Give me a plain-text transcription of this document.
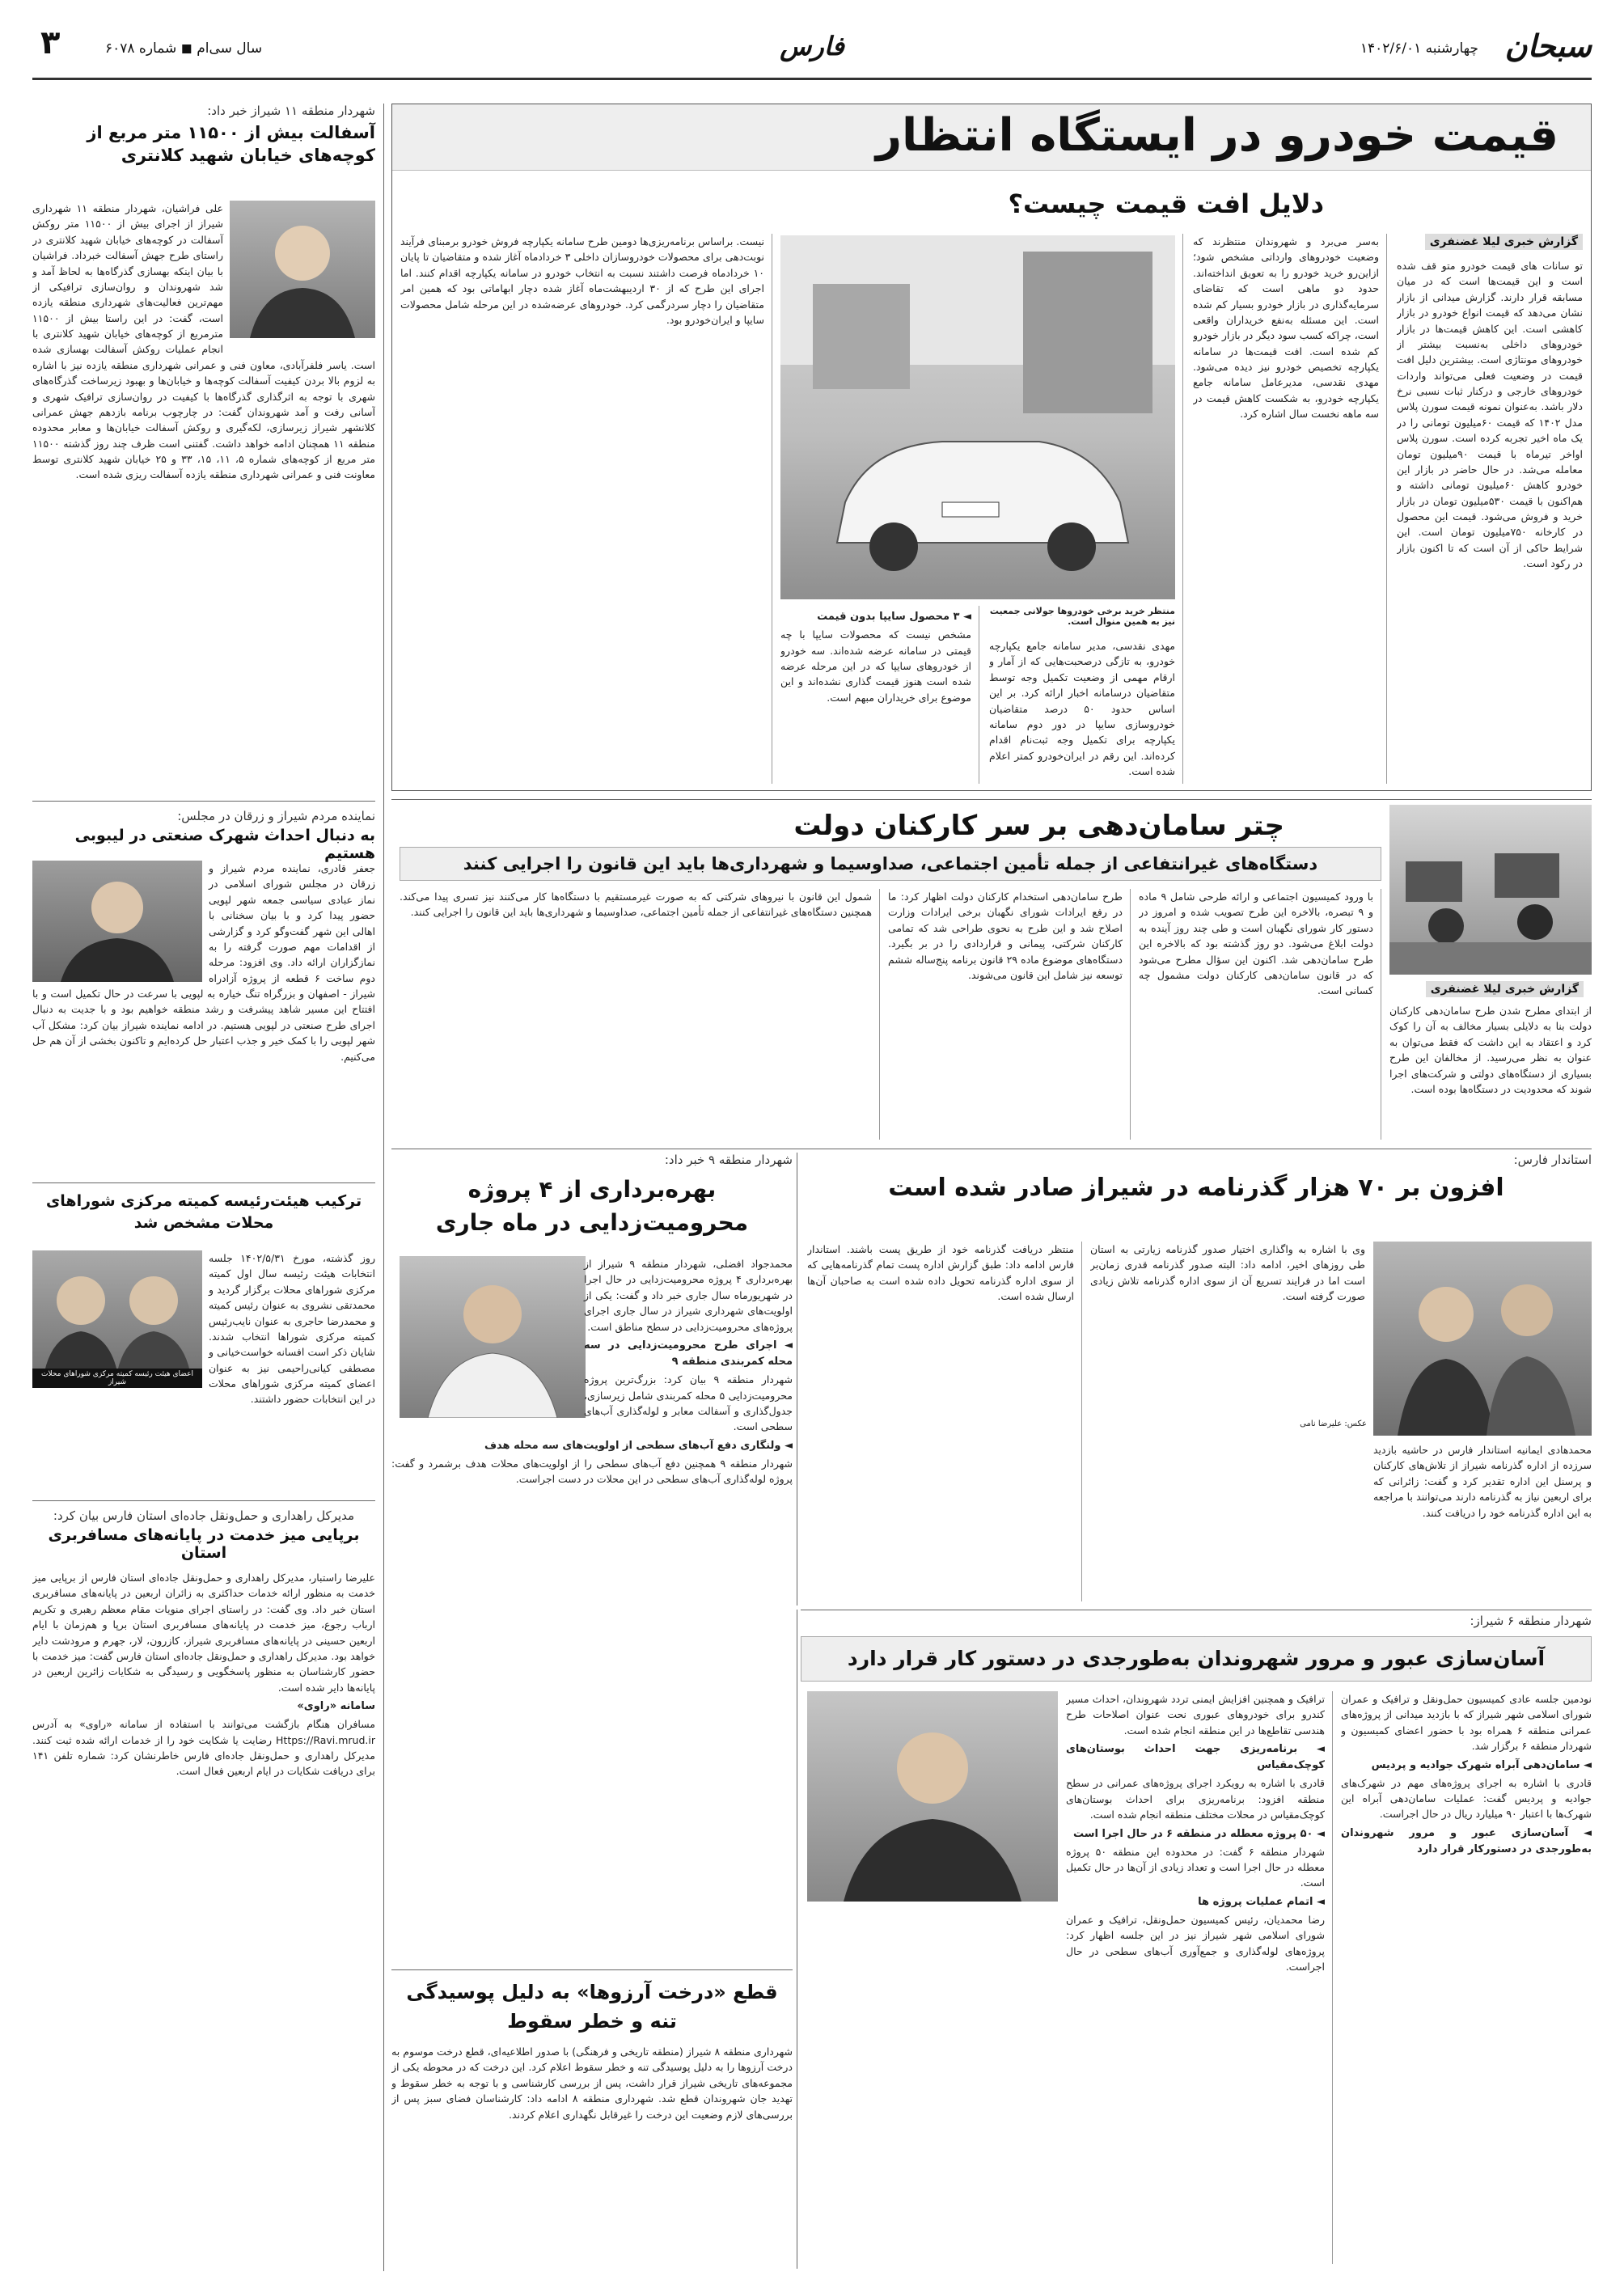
سبحان
چهارشنبه ۱۴۰۲/۶/۰۱
فارس
سال سی‌ام ◼ شماره ۶۰۷۸
۳
قیمت خودرو در ایستگاه انتظار
دلایل افت قیمت چیست؟
گزارش خبری لیلا غضنفری
تو سانات های قیمت خودرو متو قف شده است و این قیمت‌ها است که در میان مسابقه قرار دارند. گزارش میدانی از بازار نشان می‌دهد که قیمت انواع خودرو در بازار کاهشی است. این کاهش قیمت‌ها در بازار خودروهای داخلی به‌نسبت بیشتر از خودروهای مونتاژی است. بیشترین دلیل افت قیمت در وضعیت فعلی می‌تواند واردات خودروهای خارجی و درکنار ثبات نسبی نرخ دلار باشد. به‌عنوان نمونه قیمت سورن پلاس مدل ۱۴۰۲ که قیمت ۶۰میلیون تومانی را در یک ماه اخیر تجربه کرده است. سورن پلاس اواخر تیرماه با قیمت ۹۰میلیون تومان معامله می‌شد. در حال حاضر در بازار این خودرو کاهش ۶۰میلیون تومانی داشته و هم‌اکنون با قیمت ۵۳۰میلیون تومان در بازار خرید و فروش می‌شود. قیمت این محصول در کارخانه ۷۵۰میلیون تومان است. این شرایط حاکی از آن است که تا اکنون بازار در رکود است.
به‌سر می‌برد و شهروندان منتظرند که وضعیت خودروهای وارداتی مشخص شود؛ ازاین‌رو خرید خودرو را به تعویق انداخته‌اند. حدود دو ماهی است که تقاضای سرمایه‌گذاری در بازار خودرو بسیار کم شده است. این مسئله به‌نفع خریداران واقعی است، چراکه کسب سود دیگر در بازار خودرو کم شده است. افت قیمت‌ها در سامانه یکپارچه تخصیص خودرو نیز دیده می‌شود. مهدی نقدسی، مدیرعامل سامانه جامع یکپارچه خودرو، به شکست کاهش قیمت در سه ماهه نخست سال اشاره کرد.
منتظر خرید برخی خودروها جولانی جمعیت نیز به همین منوال است.
مهدی نقدسی، مدیر سامانه جامع یکپارچه خودرو، به تازگی درصحبت‌هایی که از آمار و ارقام مهمی از وضعیت تکمیل وجه توسط متقاضیان درسامانه اخبار ارائه کرد. بر این اساس حدود ۵۰ درصد متقاضیان خودروسازی سایپا در دور دوم سامانه یکپارچه برای تکمیل وجه ثبت‌نام اقدام کرده‌اند. این رقم در ایران‌خودرو کمتر اعلام شده است.
◄ ۳ محصول سایپا بدون قیمت
مشخص نیست که محصولات سایپا با چه قیمتی در سامانه عرضه شده‌اند. سه خودرو از خودروهای سایپا که در این مرحله عرضه شده است هنوز قیمت گذاری نشده‌اند و این موضوع برای خریداران مبهم است.
نیست. براساس برنامه‌ریزی‌ها دومین طرح سامانه یکپارچه فروش خودرو برمبنای فرآیند نوبت‌دهی برای محصولات خودروسازان داخلی ۳ خردادماه آغاز شده و متقاضیان تا پایان ۱۰ خردادماه فرصت داشتند نسبت به انتخاب خودرو در سامانه یکپارچه اقدام کنند. اما اجرای این طرح که از ۳۰ اردیبهشت‌ماه آغاز شده دچار ابهاماتی بود که همین امر متقاضیان را دچار سردرگمی کرد. خودروهای عرضه‌شده در این مرحله شامل محصولات سایپا و ایران‌خودرو بود.
شهردار منطقه ۱۱ شیراز خبر داد:
آسفالت بیش از ۱۱۵۰۰ متر مربع از کوچه‌های خیابان شهید کلانتری
علی فراشیان، شهردار منطقه ۱۱ شهرداری شیراز از اجرای بیش از ۱۱۵۰۰ متر روکش آسفالت در کوچه‌های خیابان شهید کلانتری در راستای طرح جهش آسفالت خبرداد. فراشیان با بیان اینکه بهسازی گذرگاه‌ها به لحاظ آمد و شد شهروندان و روان‌سازی ترافیکی از مهم‌ترین فعالیت‌های شهرداری منطقه یازده است، گفت: در این راستا بیش از ۱۱۵۰۰ مترمربع از کوچه‌های خیابان شهید کلانتری با انجام عملیات روکش آسفالت بهسازی شده است. یاسر فلفرآبادی، معاون فنی و عمرانی شهرداری منطقه یازده نیز با اشاره به لزوم بالا بردن کیفیت آسفالت کوچه‌ها و خیابان‌ها و بهبود زیرساخت گذرگاه‌های شهری با توجه به اثرگذاری گذرگاه‌ها با کیفیت در روان‌سازی ترافیک شهری و آسانی رفت و آمد شهروندان گفت: در چارچوب برنامه بازدهم جهش عمرانی کلانشهر شیراز زیرسازی، لکه‌گیری و روکش آسفالت خیابان‌ها و معابر محدوده منطقه ۱۱ همچنان ادامه خواهد داشت. گفتنی است ظرف چند روز گذشته ۱۱۵۰۰ متر مربع از کوچه‌های شماره ۵، ۱۱، ۱۵، ۳۳ و ۲۵ خیابان شهید کلانتری توسط معاونت فنی و عمرانی شهرداری منطقه یازده آسفالت ریزی شده است.
نماینده مردم شیراز و زرقان در مجلس:
به دنبال احداث شهرک صنعتی در لیبوبی هستیم
جعفر قادری، نماینده مردم شیراز و زرقان در مجلس شورای اسلامی در نماز عبادی سیاسی جمعه شهر لپویی حضور پیدا کرد و با بیان سخنانی با اهالی این شهر گفت‌وگو کرد و گزارشی از اقدامات مهم صورت گرفته را به نمازگزاران ارائه داد. وی افزود: مرحله دوم ساخت ۶ قطعه از پروژه آزادراه شیراز - اصفهان و بزرگراه تنگ خیاره به لپویی با سرعت در حال تکمیل است و با افتتاح این مسیر شاهد پیشرفت و رشد منطقه خواهیم بود و با جدیت به دنبال اجرای طرح صنعتی در لپویی هستیم. در ادامه نماینده شیراز بیان کرد: مشکل آب شهر لپویی را با کمک خیر و جذب اعتبار حل کرده‌ایم و تاکنون بخشی از آن هم حل می‌کنیم.
ترکیب هیئت‌رئیسه کمیته مرکزی شوراهای محلات مشخص شد
اعضای هیئت رئیسه کمیته مرکزی شوراهای محلات شیراز
روز گذشته، مورخ ۱۴۰۲/۵/۳۱ جلسه انتخابات هیئت رئیسه سال اول کمیته مرکزی شوراهای محلات برگزار گردید و محمدتقی نشروی به عنوان رئیس کمیته و محمدرضا حاجری به عنوان نایب‌رئیس کمیته مرکزی شوراها انتخاب شدند. شایان ذکر است افسانه خواست‌خیانی و مصطفی کیانی‌راحیمی نیز به عنوان اعضای کمیته مرکزی شوراهای محلات در این انتخابات حضور داشتند.
مدیرکل راهداری و حمل‌ونقل جاده‌ای استان فارس بیان کرد:
برپایی میز خدمت در پایانه‌های مسافربری استان
علیرضا راستبار، مدیرکل راهداری و حمل‌ونقل جاده‌ای استان فارس از برپایی میز خدمت به منظور ارائه خدمات حداکثری به زائران اربعین در پایانه‌های مسافربری استان خبر داد. وی گفت: در راستای اجرای منویات مقام معظم رهبری و تکریم ارباب رجوع، میز خدمت در پایانه‌های مسافربری استان برپا و هم‌زمان با ایام اربعین حسینی در پایانه‌های مسافربری شیراز، کازرون، لار، جهرم و مرودشت دایر خواهد بود. مدیرکل راهداری و حمل‌ونقل جاده‌ای استان فارس گفت: میز خدمت با حضور کارشناسان به منظور پاسخگویی و رسیدگی به شکایات زائرین اربعین در پایانه‌ها دایر شده است.
سامانه «راوی»
مسافران هنگام بازگشت می‌توانند با استفاده از سامانه «راوی» به آدرس Https://Ravi.mrud.ir رضایت یا شکایت خود را از خدمات ارائه شده ثبت کنند. مدیرکل راهداری و حمل‌ونقل جاده‌ای فارس خاطرنشان کرد: شماره تلفن ۱۴۱ برای دریافت شکایات در ایام اربعین فعال است.
چتر سامان‌دهی بر سر کارکنان دولت
دستگاه‌های غیرانتفاعی از جمله تأمین اجتماعی، صداوسیما و شهرداری‌ها باید این قانون را اجرایی کنند
گزارش خبری لیلا غضنفری
از ابتدای مطرح شدن طرح سامان‌دهی کارکنان دولت بنا به دلایلی بسیار مخالف به آن را کوک کرد و اعتقاد به این داشت که فقط می‌توان به عنوان به نظر می‌رسید. از مخالفان این طرح بسیاری از دستگاه‌های دولتی و شرکت‌های اجرا شوند که محدودیت در دستگاه‌ها بوده است.
با ورود کمیسیون اجتماعی و ارائه طرحی شامل ۹ ماده و ۹ تبصره، بالاخره این طرح تصویب شده و امروز در دستور کار شورای نگهبان است و طی چند روز آینده به دولت ابلاغ می‌شود. دو روز گذشته بود که بالاخره این طرح سامان‌دهی شد. اکنون این سؤال مطرح می‌شود که در قانون سامان‌دهی کارکنان دولت مشمول چه کسانی است.
طرح سامان‌دهی استخدام کارکنان دولت اظهار کرد: ما در رفع ایرادات شورای نگهبان برخی ایرادات وزارت اصلاح شد و این طرح به نحوی طراحی شد که تمامی کارکنان شرکتی، پیمانی و قراردادی را در بر بگیرد. دستگاه‌های موضوع ماده ۲۹ قانون برنامه پنج‌ساله ششم توسعه نیز شامل این قانون می‌شوند.
شمول این قانون با نیروهای شرکتی که به صورت غیرمستقیم با دستگاه‌ها کار می‌کنند نیز تسری پیدا می‌کند. همچنین دستگاه‌های غیرانتفاعی از جمله تأمین اجتماعی، صداوسیما و شهرداری‌ها باید این قانون را اجرایی کنند.
استاندار فارس:
افزون بر ۷۰ هزار گذرنامه در شیراز صادر شده است
عکس: علیرضا نامی
محمدهادی ایمانیه استاندار فارس در حاشیه بازدید سرزده از اداره گذرنامه شیراز از تلاش‌های کارکنان و پرسنل این اداره تقدیر کرد و گفت: زائرانی که برای اربعین نیاز به گذرنامه دارند می‌توانند با مراجعه به این اداره گذرنامه خود را دریافت کنند.
وی با اشاره به واگذاری اختیار صدور گذرنامه زیارتی به استان طی روزهای اخیر، ادامه داد: البته صدور گذرنامه قدری زمان‌بر است اما در فرایند تسریع آن از سوی اداره گذرنامه تلاش زیادی صورت گرفته است.
منتظر دریافت گذرنامه خود از طریق پست باشند. استاندار فارس ادامه داد: طبق گزارش اداره پست تمام گذرنامه‌هایی که از سوی اداره گذرنامه تحویل داده شده است به صاحبان آن‌ها ارسال شده است.
شهردار منطقه ۹ خبر داد:
بهره‌برداری از ۴ پروژه محرومیت‌زدایی در ماه جاری
محمدجواد افضلی، شهردار منطقه ۹ شیراز از بهره‌برداری ۴ پروژه محرومیت‌زدایی در حال اجرا در شهریورماه سال جاری خبر داد و گفت: یکی از اولویت‌های شهرداری شیراز در سال جاری اجرای پروژه‌های محرومیت‌زدایی در سطح مناطق است.
◄ اجرای طرح محرومیت‌زدایی در سه محله کمربندی منطقه ۹
شهردار منطقه ۹ بیان کرد: بزرگ‌ترین پروژه محرومیت‌زدایی ۵ محله کمربندی شامل زیرسازی، جدول‌گذاری و آسفالت معابر و لوله‌گذاری آب‌های سطحی است.
◄ ولنگاری دفع آب‌های سطحی از اولویت‌های سه محله هدف
شهردار منطقه ۹ همچنین دفع آب‌های سطحی را از اولویت‌های محلات هدف برشمرد و گفت: پروژه لوله‌گذاری آب‌های سطحی در این محلات در دست اجراست.
شهردار منطقه ۶ شیراز:
آسان‌سازی عبور و مرور شهروندان به‌طورجدی در دستور کار قرار دارد
نودمین جلسه عادی کمیسیون حمل‌ونقل و ترافیک و عمران شورای اسلامی شهر شیراز که با بازدید میدانی از پروژه‌های عمرانی منطقه ۶ همراه بود با حضور اعضای کمیسیون و شهردار منطقه ۶ برگزار شد.
◄ سامان‌دهی آبراه شهرک جوادیه و پردیس
قادری با اشاره به اجرای پروژه‌های مهم در شهرک‌های جوادیه و پردیس گفت: عملیات سامان‌دهی آبراه این شهرک‌ها با اعتبار ۹۰ میلیارد ریال در حال اجراست.
◄ آسان‌سازی عبور و مرور شهروندان به‌طورجدی در دستورکار قرار دارد
ترافیک و همچنین افزایش ایمنی تردد شهروندان، احداث مسیر کندرو برای خودروهای عبوری نحت عنوان اصلاحات طرح هندسی تقاطع‌ها در این منطقه انجام شده است.
◄ برنامه‌ریزی جهت احداث بوستان‌های کوچک‌مقیاس
قادری با اشاره به رویکرد اجرای پروژه‌های عمرانی در سطح منطقه افزود: برنامه‌ریزی برای احداث بوستان‌های کوچک‌مقیاس در محلات مختلف منطقه انجام شده است.
◄ ۵۰ پروژه معطله در منطقه ۶ در حال اجرا است
شهردار منطقه ۶ گفت: در محدوده این منطقه ۵۰ پروژه معطله در حال اجرا است و تعداد زیادی از آن‌ها در حال تکمیل است.
◄ اتمام عملیات پروژه ها
رضا محمدیان، رئیس کمیسیون حمل‌ونقل، ترافیک و عمران شورای اسلامی شهر شیراز نیز در این جلسه اظهار کرد: پروژه‌های لوله‌گذاری و جمع‌آوری آب‌های سطحی در حال اجراست.
قطع «درخت آرزوها» به دلیل پوسیدگی تنه و خطر سقوط
شهرداری منطقه ۸ شیراز (منطقه تاریخی و فرهنگی) با صدور اطلاعیه‌ای، قطع درخت موسوم به درخت آرزوها را به دلیل پوسیدگی تنه و خطر سقوط اعلام کرد. این درخت که در محوطه یکی از مجموعه‌های تاریخی شیراز قرار داشت، پس از بررسی کارشناسی و با توجه به خطر سقوط و تهدید جان شهروندان قطع شد. شهرداری منطقه ۸ ادامه داد: کارشناسان فضای سبز پس از بررسی‌های لازم وضعیت این درخت را غیرقابل نگهداری اعلام کردند.
